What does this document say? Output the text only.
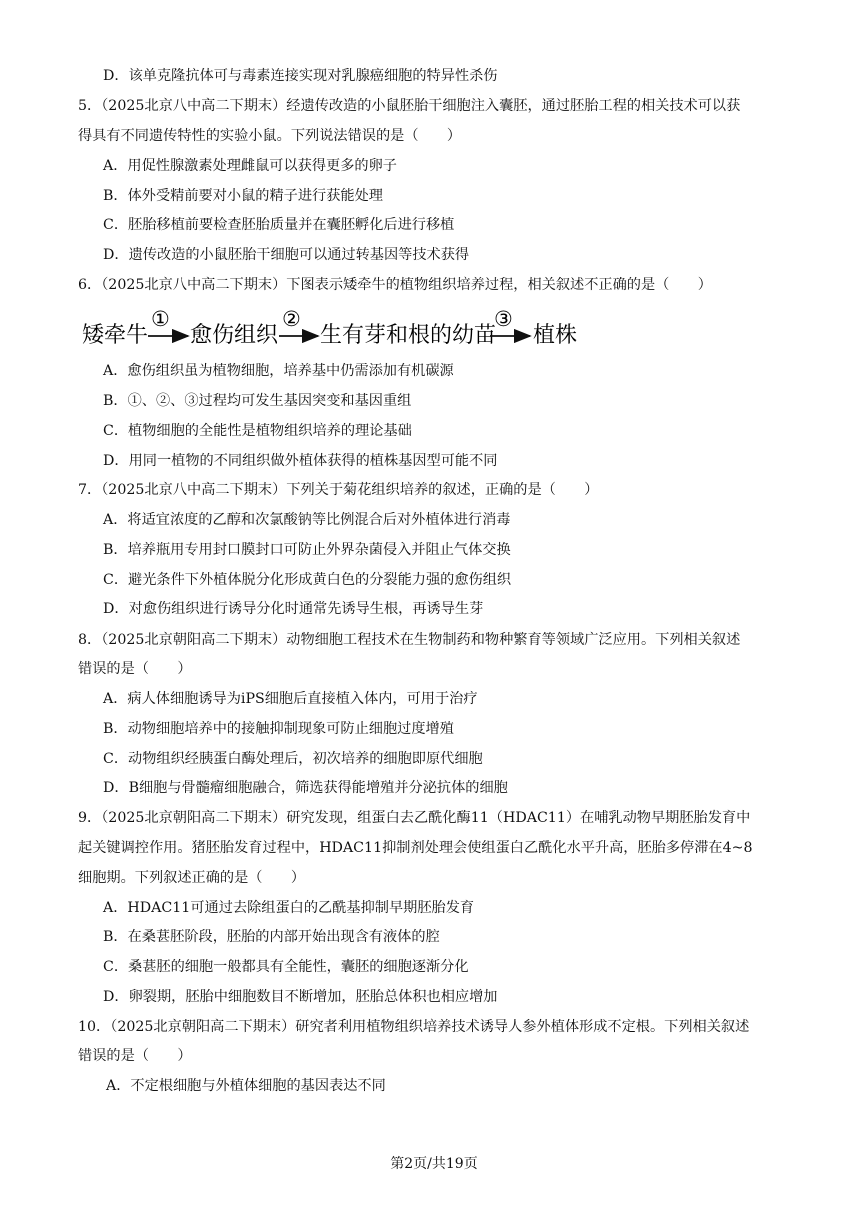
D．该单克隆抗体可与毒素连接实现对乳腺癌细胞的特异性杀伤
5．（2025北京八中高二下期末）经遗传改造的小鼠胚胎干细胞注入囊胚，通过胚胎工程的相关技术可以获
得具有不同遗传特性的实验小鼠。下列说法错误的是（　　）
A．用促性腺激素处理雌鼠可以获得更多的卵子
B．体外受精前要对小鼠的精子进行获能处理
C．胚胎移植前要检查胚胎质量并在囊胚孵化后进行移植
D．遗传改造的小鼠胚胎干细胞可以通过转基因等技术获得
6．（2025北京八中高二下期末）下图表示矮牵牛的植物组织培养过程，相关叙述不正确的是（　　）
矮牵牛
①
愈伤组织
②
生有芽和根的幼苗
③
植株
A．愈伤组织虽为植物细胞，培养基中仍需添加有机碳源
B．①、②、③过程均可发生基因突变和基因重组
C．植物细胞的全能性是植物组织培养的理论基础
D．用同一植物的不同组织做外植体获得的植株基因型可能不同
7．（2025北京八中高二下期末）下列关于菊花组织培养的叙述，正确的是（　　）
A．将适宜浓度的乙醇和次氯酸钠等比例混合后对外植体进行消毒
B．培养瓶用专用封口膜封口可防止外界杂菌侵入并阻止气体交换
C．避光条件下外植体脱分化形成黄白色的分裂能力强的愈伤组织
D．对愈伤组织进行诱导分化时通常先诱导生根，再诱导生芽
8．（2025北京朝阳高二下期末）动物细胞工程技术在生物制药和物种繁育等领域广泛应用。下列相关叙述
错误的是（　　）
A．病人体细胞诱导为iPS细胞后直接植入体内，可用于治疗
B．动物细胞培养中的接触抑制现象可防止细胞过度增殖
C．动物组织经胰蛋白酶处理后，初次培养的细胞即原代细胞
D．B细胞与骨髓瘤细胞融合，筛选获得能增殖并分泌抗体的细胞
9．（2025北京朝阳高二下期末）研究发现，组蛋白去乙酰化酶11（HDAC11）在哺乳动物早期胚胎发育中
起关键调控作用。猪胚胎发育过程中，HDAC11抑制剂处理会使组蛋白乙酰化水平升高，胚胎多停滞在4~8
细胞期。下列叙述正确的是（　　）
A．HDAC11可通过去除组蛋白的乙酰基抑制早期胚胎发育
B．在桑葚胚阶段，胚胎的内部开始出现含有液体的腔
C．桑葚胚的细胞一般都具有全能性，囊胚的细胞逐渐分化
D．卵裂期，胚胎中细胞数目不断增加，胚胎总体积也相应增加
10．（2025北京朝阳高二下期末）研究者利用植物组织培养技术诱导人参外植体形成不定根。下列相关叙述
错误的是（　　）
A．不定根细胞与外植体细胞的基因表达不同
第2页/共19页
